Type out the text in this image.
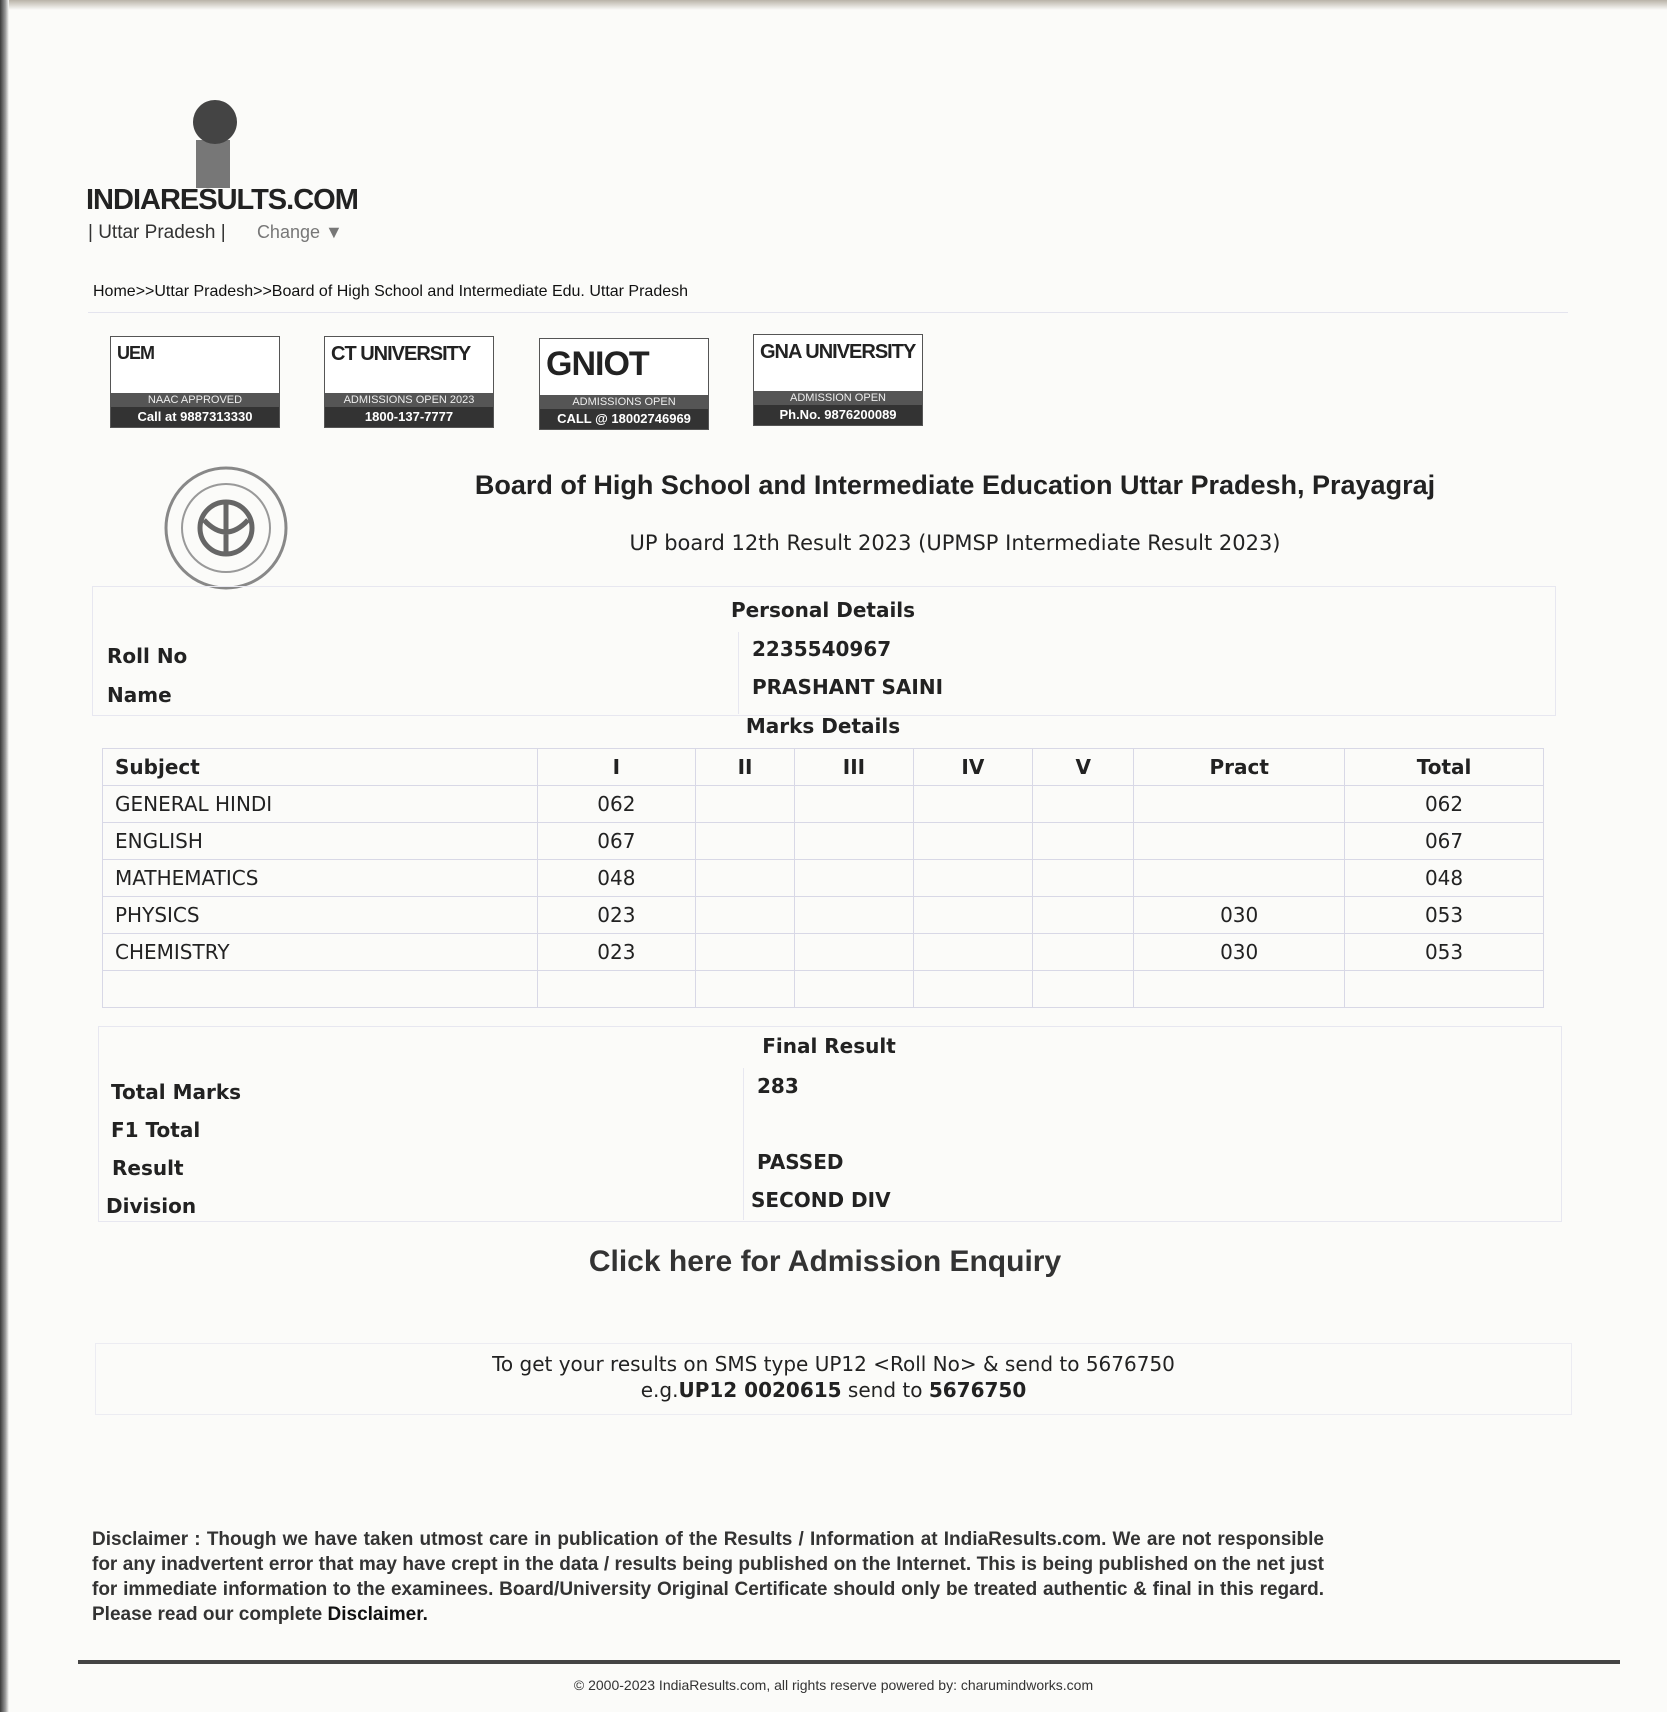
INDIARESULTS.COM
| Uttar Pradesh | Change ▼
Home>>Uttar Pradesh>>Board of High School and Intermediate Edu. Uttar Pradesh
UEM
NAAC APPROVED
Call at 9887313330
CT UNIVERSITY
ADMISSIONS OPEN 2023
1800-137-7777
GNIOT
ADMISSIONS OPEN
CALL @ 18002746969
GNA UNIVERSITY
ADMISSION OPEN
Ph.No. 9876200089
Board of High School and Intermediate Education Uttar Pradesh, Prayagraj
UP board 12th Result 2023 (UPMSP Intermediate Result 2023)
Personal Details
Roll No	2235540967
Name	PRASHANT SAINI
Marks Details
Subject	I	II	III	IV	V	Pract	Total
GENERAL HINDI	062						062
ENGLISH	067						067
MATHEMATICS	048						048
PHYSICS	023					030	053
CHEMISTRY	023					030	053

Final Result
Total Marks	283
F1 Total
Result	PASSED
Division	SECOND DIV
Click here for Admission Enquiry
To get your results on SMS type UP12 <Roll No> & send to 5676750
e.g.UP12 0020615 send to 5676750
Disclaimer : Though we have taken utmost care in publication of the Results / Information at IndiaResults.com. We are not responsible for any inadvertent error that may have crept in the data / results being published on the Internet. This is being published on the net just for immediate information to the examinees. Board/University Original Certificate should only be treated authentic & final in this regard. Please read our complete Disclaimer.
© 2000-2023 IndiaResults.com, all rights reserve powered by: charumindworks.com
